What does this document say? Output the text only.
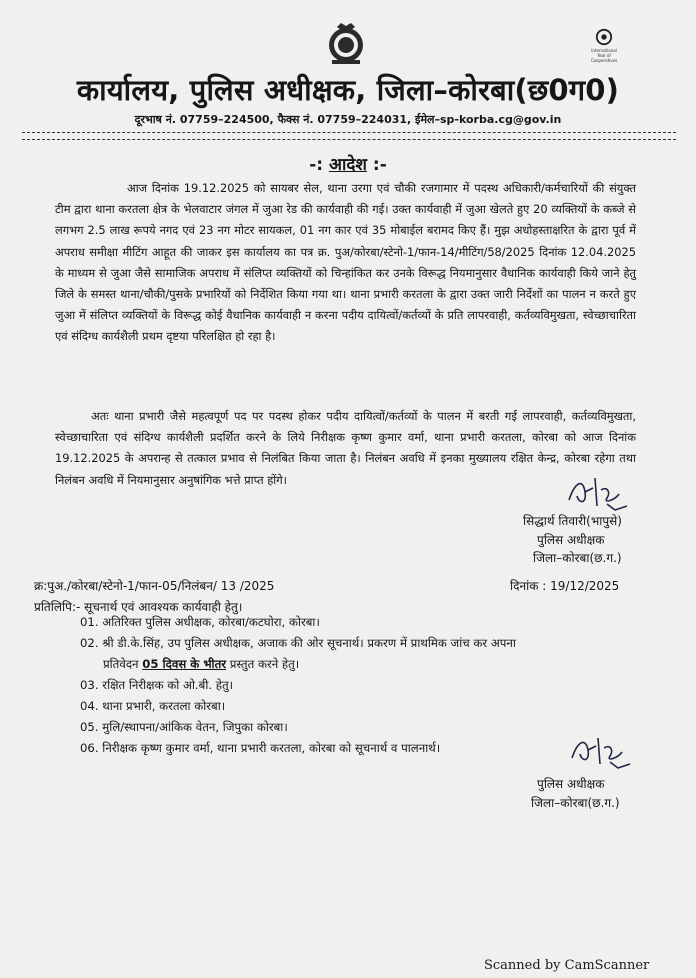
International Year of Cooperatives
कार्यालय, पुलिस अधीक्षक, जिला–कोरबा(छ0ग0)
दूरभाष नं. 07759–224500, फैक्स नं. 07759–224031, ईमेल–sp-korba.cg@gov.in
-: आदेश :-

आज दिनांक 19.12.2025 को सायबर सेल, थाना उरगा एवं चौकी रजगामार में पदस्थ अधिकारी/कर्मचारियों की संयुक्त टीम द्वारा थाना करतला क्षेत्र के भेलवाटार जंगल में जुआ रेड की कार्यवाही की गई। उक्त कार्यवाही में जुआ खेलते हुए 20 व्यक्तियों के कब्जे से लगभग 2.5 लाख रूपये नगद एवं 23 नग मोटर सायकल, 01 नग कार एवं 35 मोबाईल बरामद किए हैं। मुझ अधोहस्ताक्षरित के द्वारा पूर्व में अपराध समीक्षा मीटिंग आहूत की जाकर इस कार्यालय का पत्र क्र. पुअ/कोरबा/स्टेनो-1/फान-14/मीटिंग/58/2025 दिनांक 12.04.2025 के माध्यम से जुआ जैसे सामाजिक अपराध में संलिप्त व्यक्तियों को चिन्हांकित कर उनके विरूद्ध नियमानुसार वैधानिक कार्यवाही किये जाने हेतु जिले के समस्त थाना/चौकी/पुसके प्रभारियों को निर्देशित किया गया था। थाना प्रभारी करतला के द्वारा उक्त जारी निर्देशों का पालन न करते हुए जुआ में संलिप्त व्यक्तियों के विरूद्ध कोई वैधानिक कार्यवाही न करना पदीय दायित्वों/कर्तव्यों के प्रति लापरवाही, कर्तव्यविमुखता, स्वेच्छाचारिता एवं संदिग्ध कार्यशैली प्रथम दृष्टया परिलक्षित हो रहा है।

अतः थाना प्रभारी जैसे महत्वपूर्ण पद पर पदस्थ होकर पदीय दायित्वों/कर्तव्यों के पालन में बरती गई लापरवाही, कर्तव्यविमुखता, स्वेच्छाचारिता एवं संदिग्ध कार्यशैली प्रदर्शित करने के लिये निरीक्षक कृष्ण कुमार वर्मा, थाना प्रभारी करतला, कोरबा को आज दिनांक 19.12.2025 के अपरान्ह से तत्काल प्रभाव से निलंबित किया जाता है। निलंबन अवधि में इनका मुख्यालय रक्षित केन्द्र, कोरबा रहेगा तथा निलंबन अवधि में नियमानुसार अनुषांगिक भत्ते प्राप्त होंगे।

सिद्धार्थ तिवारी(भापुसे)
पुलिस अधीक्षक
जिला–कोरबा(छ.ग.)
क्र:पुअ./कोरबा/स्टेनो-1/फान-05/निलंबन/ 13 /2025	दिनांक : 19/12/2025
प्रतिलिपि:- सूचनार्थ एवं आवश्यक कार्यवाही हेतु।
01. अतिरिक्त पुलिस अधीक्षक, कोरबा/कटघोरा, कोरबा।
02. श्री डी.के.सिंह, उप पुलिस अधीक्षक, अजाक की ओर सूचनार्थ। प्रकरण में प्राथमिक जांच कर अपना
प्रतिवेदन 05 दिवस के भीतर प्रस्तुत करने हेतु।
03. रक्षित निरीक्षक को ओ.बी. हेतु।
04. थाना प्रभारी, करतला कोरबा।
05. मुलि/स्थापना/आंकिक वेतन, जिपुका कोरबा।
06. निरीक्षक कृष्ण कुमार वर्मा, थाना प्रभारी करतला, कोरबा को सूचनार्थ व पालनार्थ।
पुलिस अधीक्षक
जिला–कोरबा(छ.ग.)
Scanned by CamScanner
